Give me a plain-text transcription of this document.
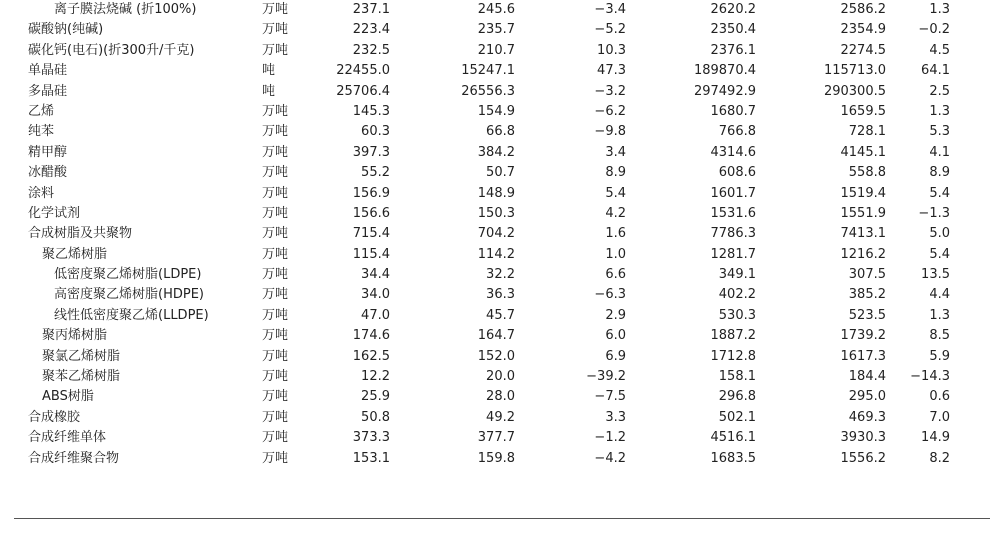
离子膜法烧碱 (折100%)	万吨	237.1	245.6	−3.4	2620.2	2586.2	1.3
碳酸钠(纯碱)	万吨	223.4	235.7	−5.2	2350.4	2354.9 −0.2
碳化钙(电石)(折300升/千克)	万吨	232.5	210.7	10.3	2376.1	2274.5	4.5
单晶硅	吨	22455.0	15247.1	47.3	189870.4	115713.0	64.1
多晶硅	吨	25706.4	26556.3	−3.2	297492.9	290300.5	2.5
乙烯	万吨	145.3	154.9	−6.2	1680.7	1659.5	1.3
纯苯	万吨	60.3	66.8	−9.8	766.8	728.1	5.3
精甲醇	万吨	397.3	384.2	3.4	4314.6	4145.1	4.1
冰醋酸	万吨	55.2	50.7	8.9	608.6	558.8	8.9
涂料	万吨	156.9	148.9	5.4	1601.7	1519.4	5.4
化学试剂	万吨	156.6	150.3	4.2	1531.6	1551.9 −1.3
合成树脂及共聚物	万吨	715.4	704.2	1.6	7786.3	7413.1	5.0
聚乙烯树脂	万吨	115.4	114.2	1.0	1281.7	1216.2	5.4
低密度聚乙烯树脂(LDPE)	万吨	34.4	32.2	6.6	349.1	307.5	13.5
高密度聚乙烯树脂(HDPE)	万吨	34.0	36.3	−6.3	402.2	385.2	4.4
线性低密度聚乙烯(LLDPE)	万吨	47.0	45.7	2.9	530.3	523.5	1.3
聚丙烯树脂	万吨	174.6	164.7	6.0	1887.2	1739.2	8.5
聚氯乙烯树脂	万吨	162.5	152.0	6.9	1712.8	1617.3	5.9
聚苯乙烯树脂	万吨	12.2	20.0	−39.2	158.1	184.4 −14.3
ABS树脂	万吨	25.9	28.0	−7.5	296.8	295.0	0.6
合成橡胶	万吨	50.8	49.2	3.3	502.1	469.3	7.0
合成纤维单体	万吨	373.3	377.7	−1.2	4516.1	3930.3	14.9
合成纤维聚合物	万吨	153.1	159.8	−4.2	1683.5	1556.2	8.2
